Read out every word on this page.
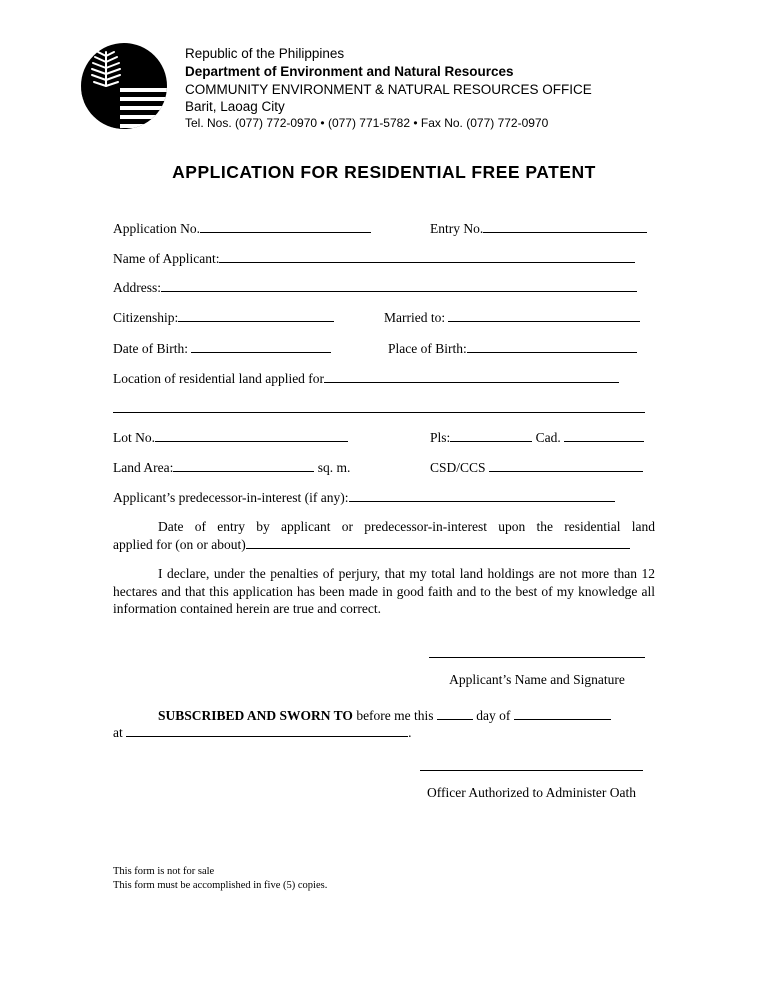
Republic of the Philippines
Department of Environment and Natural Resources
COMMUNITY ENVIRONMENT & NATURAL RESOURCES OFFICE
Barit, Laoag City
Tel. Nos. (077) 772-0970 • (077) 771-5782 • Fax No. (077) 772-0970
APPLICATION FOR RESIDENTIAL FREE PATENT
Application No.	Entry No.
Name of Applicant:
Address:
Citizenship:	Married to:
Date of Birth:	Place of Birth:
Location of residential land applied for
Lot No.	Pls:	Cad.
Land Area:	sq. m.	CSD/CCS
Applicant’s predecessor-in-interest (if any):
Date of entry by applicant or predecessor-in-interest upon the residential land
applied for (on or about)
I declare, under the penalties of perjury, that my total land holdings are not more than 12 hectares and that this application has been made in good faith and to the best of my knowledge all information contained herein are true and correct.
Applicant’s Name and Signature
SUBSCRIBED AND SWORN TO before me this	day of
at	.
Officer Authorized to Administer Oath
This form is not for sale
This form must be accomplished in five (5) copies.
